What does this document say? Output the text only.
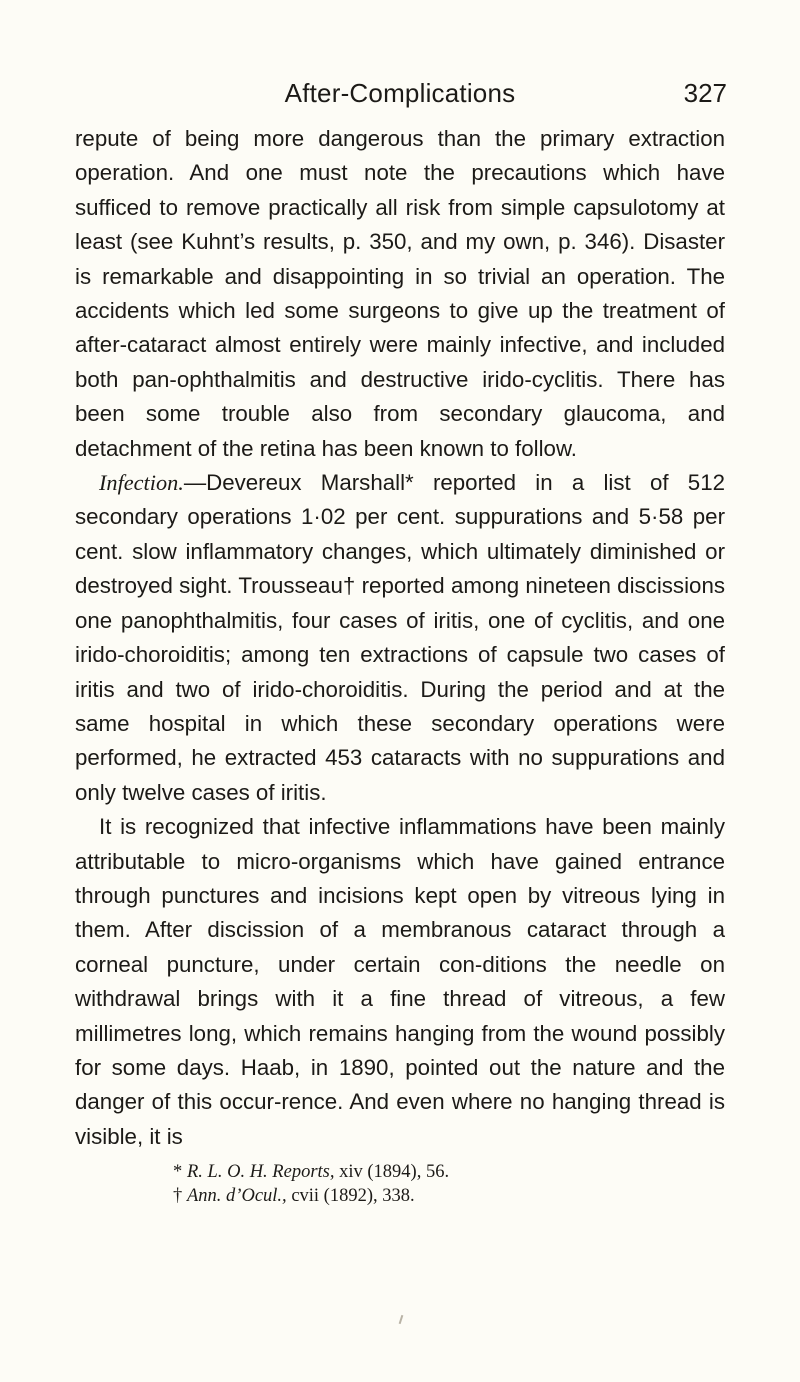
After-Complications	327

repute of being more dangerous than the primary extraction operation. And one must note the precautions which have sufficed to remove practically all risk from simple capsulotomy at least (see Kuhnt’s results, p. 350, and my own, p. 346). Disaster is remarkable and disappointing in so trivial an operation. The accidents which led some surgeons to give up the treatment of after-cataract almost entirely were mainly infective, and included both pan-ophthalmitis and destructive irido-cyclitis. There has been some trouble also from secondary glaucoma, and detachment of the retina has been known to follow.

Infection.—Devereux Marshall* reported in a list of 512 secondary operations 1·02 per cent. suppurations and 5·58 per cent. slow inflammatory changes, which ultimately diminished or destroyed sight. Trousseau† reported among nineteen discissions one panophthalmitis, four cases of iritis, one of cyclitis, and one irido-choroiditis; among ten extractions of capsule two cases of iritis and two of irido-choroiditis. During the period and at the same hospital in which these secondary operations were performed, he extracted 453 cataracts with no suppurations and only twelve cases of iritis.

It is recognized that infective inflammations have been mainly attributable to micro-organisms which have gained entrance through punctures and incisions kept open by vitreous lying in them. After discission of a membranous cataract through a corneal puncture, under certain con-ditions the needle on withdrawal brings with it a fine thread of vitreous, a few millimetres long, which remains hanging from the wound possibly for some days. Haab, in 1890, pointed out the nature and the danger of this occur-rence. And even where no hanging thread is visible, it is

* R. L. O. H. Reports, xiv (1894), 56.

† Ann. d’Ocul., cvii (1892), 338.
